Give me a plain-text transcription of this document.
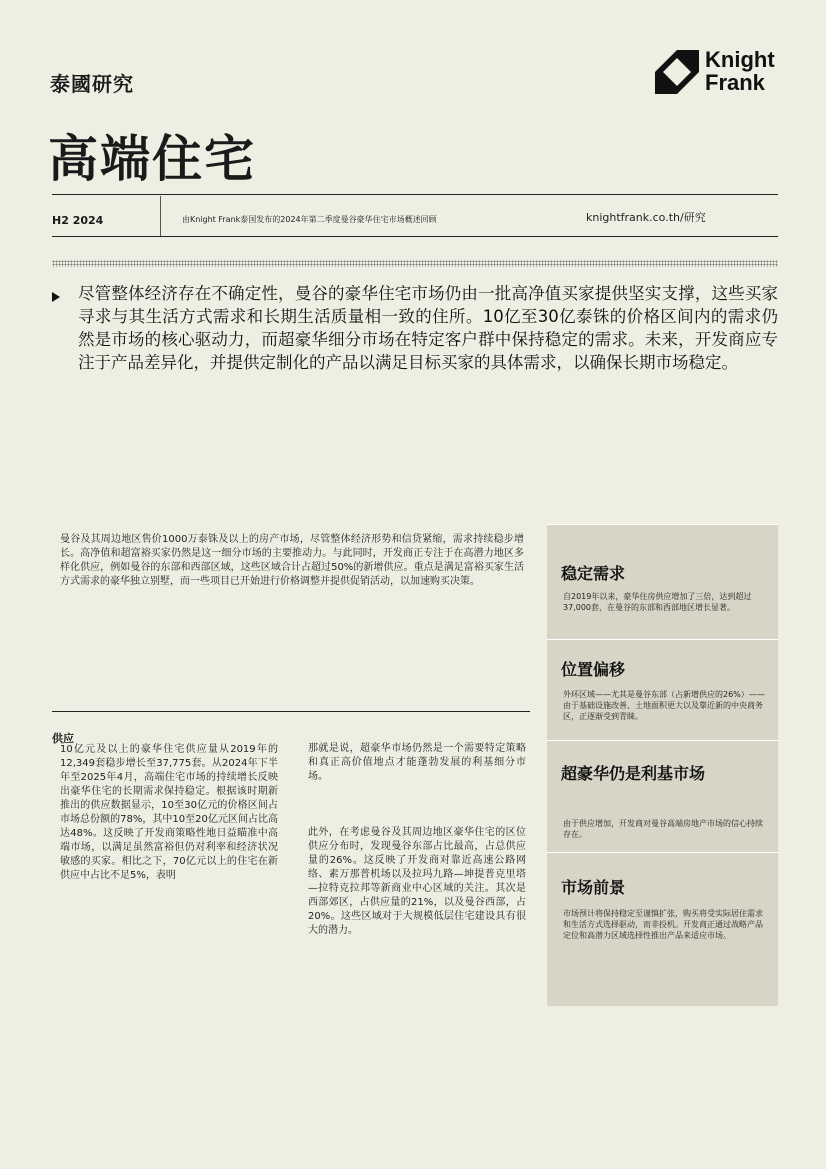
泰國研究
Knight
Frank
高端住宅
H2 2024	由Knight Frank泰国发布的2024年第二季度曼谷豪华住宅市场概述回顾	knightfrank.co.th/研究
尽管整体经济存在不确定性，曼谷的豪华住宅市场仍由一批高净值买家提供坚实支撑，这些买家寻求与其生活方式需求和长期生活质量相一致的住所。10亿至30亿泰铢的价格区间内的需求仍然是市场的核心驱动力，而超豪华细分市场在特定客户群中保持稳定的需求。未来，开发商应专注于产品差异化，并提供定制化的产品以满足目标买家的具体需求，以确保长期市场稳定。
曼谷及其周边地区售价1000万泰铢及以上的房产市场，尽管整体经济形势和信贷紧缩，需求持续稳步增长。高净值和超富裕买家仍然是这一细分市场的主要推动力。与此同时，开发商正专注于在高潜力地区多样化供应，例如曼谷的东部和西部区域，这些区域合计占超过50%的新增供应。重点是满足富裕买家生活方式需求的豪华独立别墅，而一些项目已开始进行价格调整并提供促销活动，以加速购买决策。	稳定需求
自2019年以来，豪华住房供应增加了三倍，达到超过37,000套，在曼谷的东部和西部地区增长显著。
位置偏移
外环区域——尤其是曼谷东部（占新增供应的26%）——由于基础设施改善、土地面积更大以及靠近新的中央商务区，正逐渐受到青睐。
超豪华仍是利基市场
由于供应增加，开发商对曼谷高端房地产市场的信心持续存在。
市场前景
市场预计将保持稳定至谨慎扩张，购买将受实际居住需求和生活方式选择驱动，而非投机。开发商正通过战略产品定位和高潜力区域选择性推出产品来适应市场。
供应
10亿元及以上的豪华住宅供应量从2019年的12,349套稳步增长至37,775套。从2024年下半年至2025年4月，高端住宅市场的持续增长反映出豪华住宅的长期需求保持稳定。根据该时期新推出的供应数据显示，10至30亿元的价格区间占市场总份额的78%，其中10至20亿元区间占比高达48%。这反映了开发商策略性地日益瞄准中高端市场，以满足虽然富裕但仍对利率和经济状况敏感的买家。相比之下，70亿元以上的住宅在新供应中占比不足5%，表明
那就是说，超豪华市场仍然是一个需要特定策略和真正高价值地点才能蓬勃发展的利基细分市场。
此外，在考虑曼谷及其周边地区豪华住宅的区位供应分布时，发现曼谷东部占比最高，占总供应量的26%。这反映了开发商对靠近高速公路网络、素万那普机场以及拉玛九路—坤提普克里塔—拉特克拉邦等新商业中心区域的关注。其次是西部郊区，占供应量的21%，以及曼谷西部，占20%。这些区域对于大规模低层住宅建设具有很大的潜力。
